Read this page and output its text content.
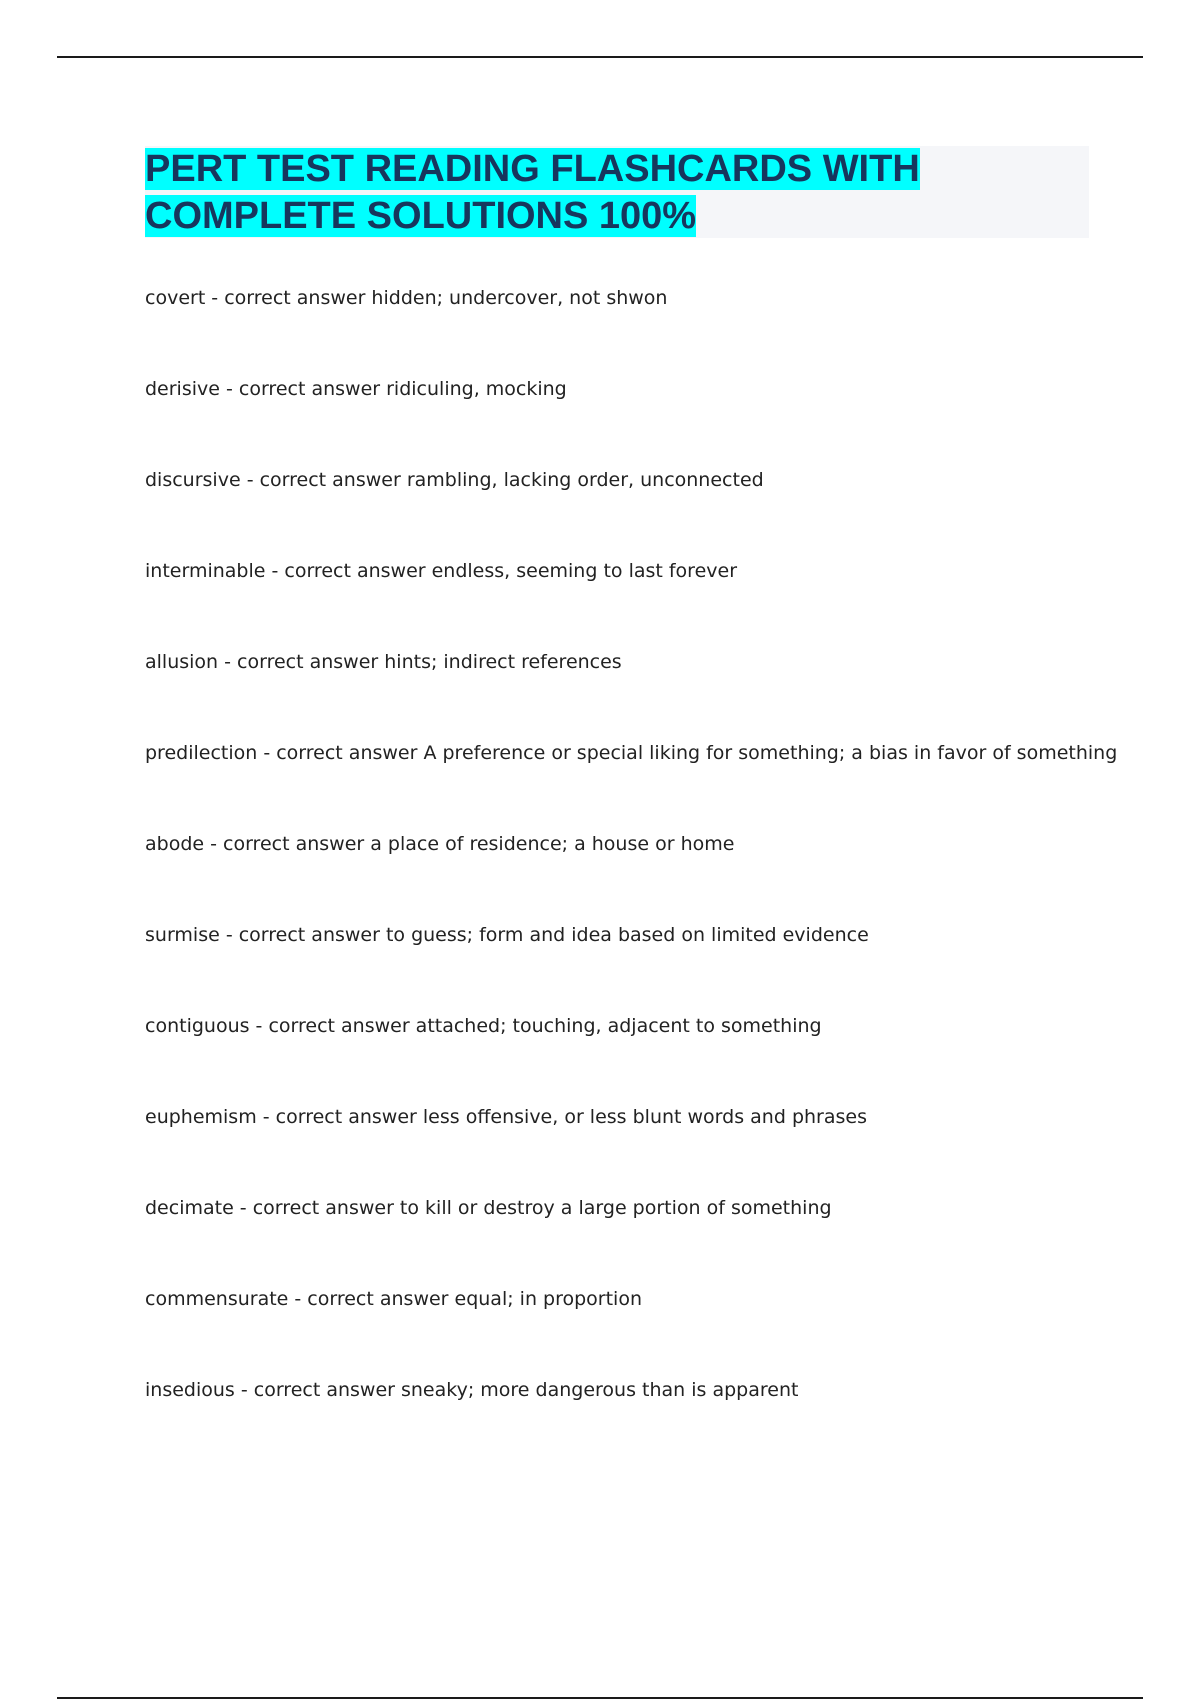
PERT TEST READING FLASHCARDS WITH
COMPLETE SOLUTIONS 100%
covert - correct answer hidden; undercover, not shwon
derisive - correct answer ridiculing, mocking
discursive - correct answer rambling, lacking order, unconnected
interminable - correct answer endless, seeming to last forever
allusion - correct answer hints; indirect references
predilection - correct answer A preference or special liking for something; a bias in favor of something
abode - correct answer a place of residence; a house or home
surmise - correct answer to guess; form and idea based on limited evidence
contiguous - correct answer attached; touching, adjacent to something
euphemism - correct answer less offensive, or less blunt words and phrases
decimate - correct answer to kill or destroy a large portion of something
commensurate - correct answer equal; in proportion
insedious - correct answer sneaky; more dangerous than is apparent
